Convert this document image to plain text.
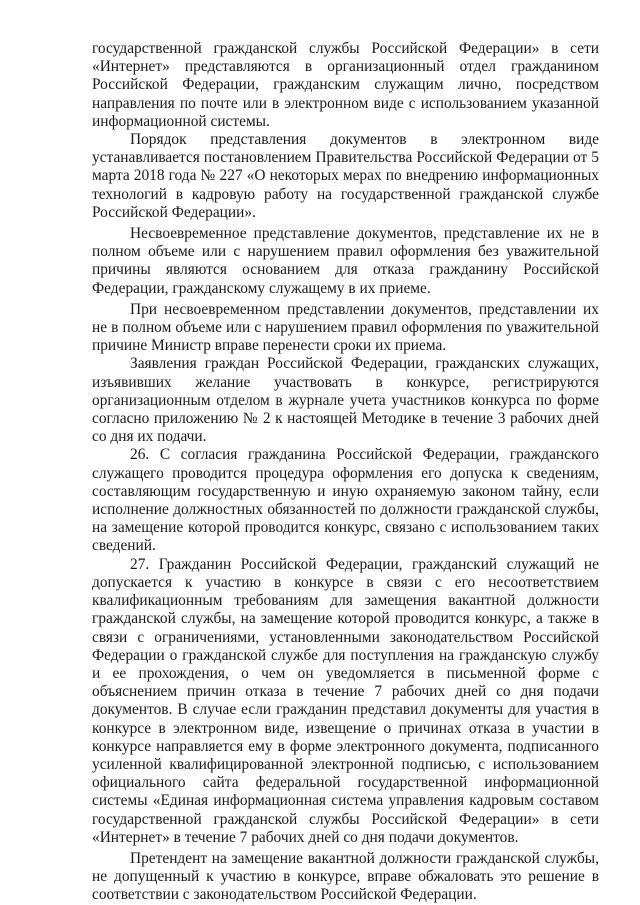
государственной гражданской службы Российской Федерации» в сети «Интернет» представляются в организационный отдел гражданином Российской Федерации, гражданским служащим лично, посредством направления по почте или в электронном виде с использованием указанной информационной системы.

Порядок представления документов в электронном виде устанавливается постановлением Правительства Российской Федерации от 5 марта 2018 года № 227 «О некоторых мерах по внедрению информационных технологий в кадровую работу на государственной гражданской службе Российской Федерации».

Несвоевременное представление документов, представление их не в полном объеме или с нарушением правил оформления без уважительной причины являются основанием для отказа гражданину Российской Федерации, гражданскому служащему в их приеме.

При несвоевременном представлении документов, представлении их не в полном объеме или с нарушением правил оформления по уважительной причине Министр вправе перенести сроки их приема.

Заявления граждан Российской Федерации, гражданских служащих, изъявивших желание участвовать в конкурсе, регистрируются организационным отделом в журнале учета участников конкурса по форме согласно приложению № 2 к настоящей Методике в течение 3 рабочих дней со дня их подачи.

26. С согласия гражданина Российской Федерации, гражданского служащего проводится процедура оформления его допуска к сведениям, составляющим государственную и иную охраняемую законом тайну, если исполнение должностных обязанностей по должности гражданской службы, на замещение которой проводится конкурс, связано с использованием таких сведений.

27. Гражданин Российской Федерации, гражданский служащий не допускается к участию в конкурсе в связи с его несоответствием квалификационным требованиям для замещения вакантной должности гражданской службы, на замещение которой проводится конкурс, а также в связи с ограничениями, установленными законодательством Российской Федерации о гражданской службе для поступления на гражданскую службу и ее прохождения, о чем он уведомляется в письменной форме с объяснением причин отказа в течение 7 рабочих дней со дня подачи документов. В случае если гражданин представил документы для участия в конкурсе в электронном виде, извещение о причинах отказа в участии в конкурсе направляется ему в форме электронного документа, подписанного усиленной квалифицированной электронной подписью, с использованием официального сайта федеральной государственной информационной системы «Единая информационная система управления кадровым составом государственной гражданской службы Российской Федерации» в сети «Интернет» в течение 7 рабочих дней со дня подачи документов.

Претендент на замещение вакантной должности гражданской службы, не допущенный к участию в конкурсе, вправе обжаловать это решение в соответствии с законодательством Российской Федерации.
